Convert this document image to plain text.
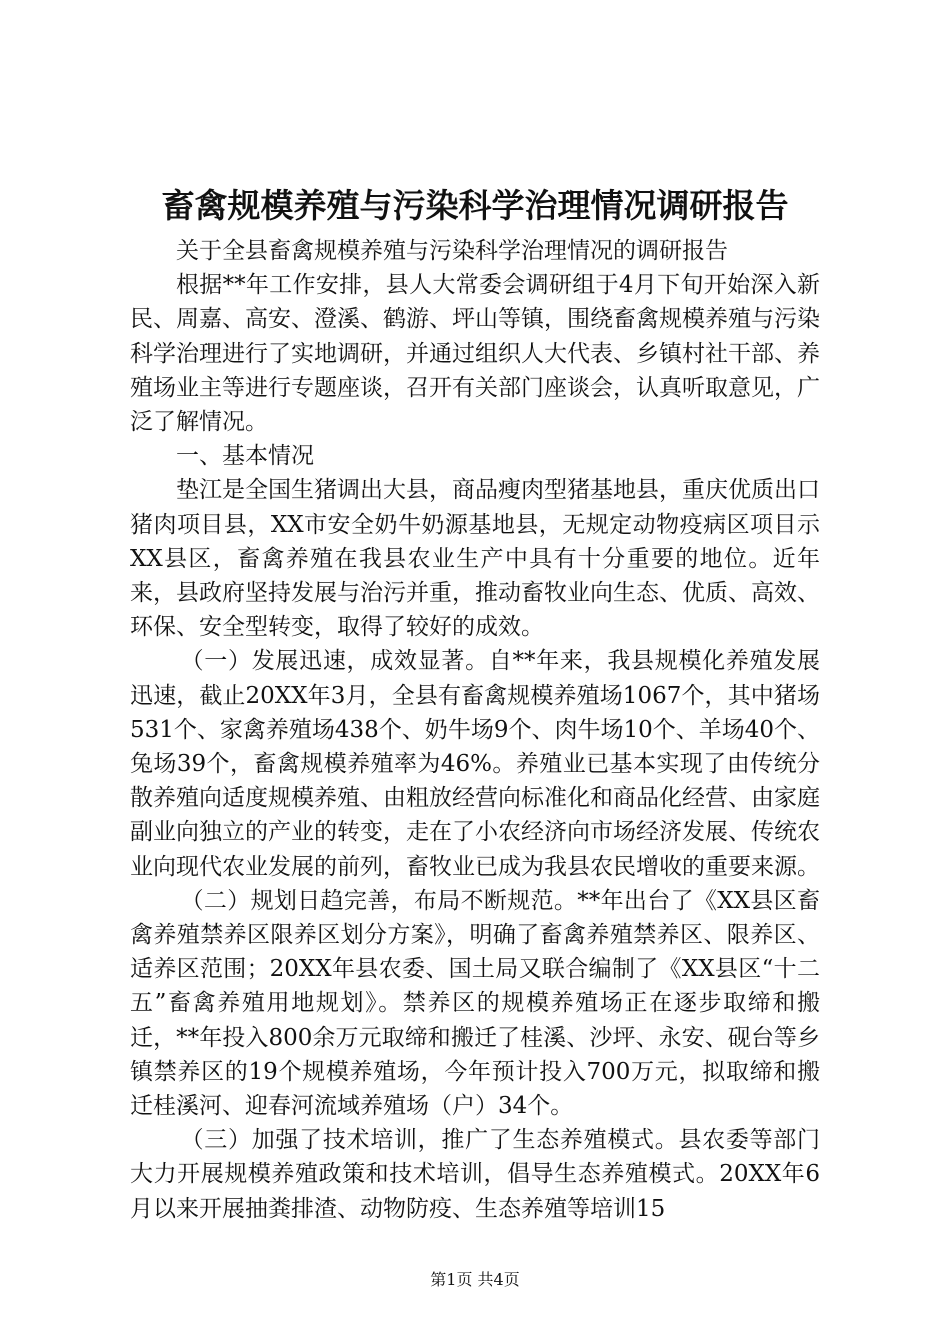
畜禽规模养殖与污染科学治理情况调研报告

关于全县畜禽规模养殖与污染科学治理情况的调研报告

根据**年工作安排，县人大常委会调研组于4月下旬开始深入新民、周嘉、高安、澄溪、鹤游、坪山等镇，围绕畜禽规模养殖与污染科学治理进行了实地调研，并通过组织人大代表、乡镇村社干部、养殖场业主等进行专题座谈，召开有关部门座谈会，认真听取意见，广泛了解情况。

一、基本情况

垫江是全国生猪调出大县，商品瘦肉型猪基地县，重庆优质出口猪肉项目县，XX市安全奶牛奶源基地县，无规定动物疫病区项目示XX县区，畜禽养殖在我县农业生产中具有十分重要的地位。近年来，县政府坚持发展与治污并重，推动畜牧业向生态、优质、高效、环保、安全型转变，取得了较好的成效。

（一）发展迅速，成效显著。自**年来，我县规模化养殖发展迅速，截止20XX年3月，全县有畜禽规模养殖场1067个，其中猪场531个、家禽养殖场438个、奶牛场9个、肉牛场10个、羊场40个、兔场39个，畜禽规模养殖率为46%。养殖业已基本实现了由传统分散养殖向适度规模养殖、由粗放经营向标准化和商品化经营、由家庭副业向独立的产业的转变，走在了小农经济向市场经济发展、传统农业向现代农业发展的前列，畜牧业已成为我县农民增收的重要来源。

（二）规划日趋完善，布局不断规范。**年出台了《XX县区畜禽养殖禁养区限养区划分方案》，明确了畜禽养殖禁养区、限养区、适养区范围；20XX年县农委、国土局又联合编制了《XX县区“十二五”畜禽养殖用地规划》。禁养区的规模养殖场正在逐步取缔和搬迁，**年投入800余万元取缔和搬迁了桂溪、沙坪、永安、砚台等乡镇禁养区的19个规模养殖场，今年预计投入700万元，拟取缔和搬迁桂溪河、迎春河流域养殖场（户）34个。

（三）加强了技术培训，推广了生态养殖模式。县农委等部门大力开展规模养殖政策和技术培训，倡导生态养殖模式。20XX年6月以来开展抽粪排渣、动物防疫、生态养殖等培训15

第1页 共4页
